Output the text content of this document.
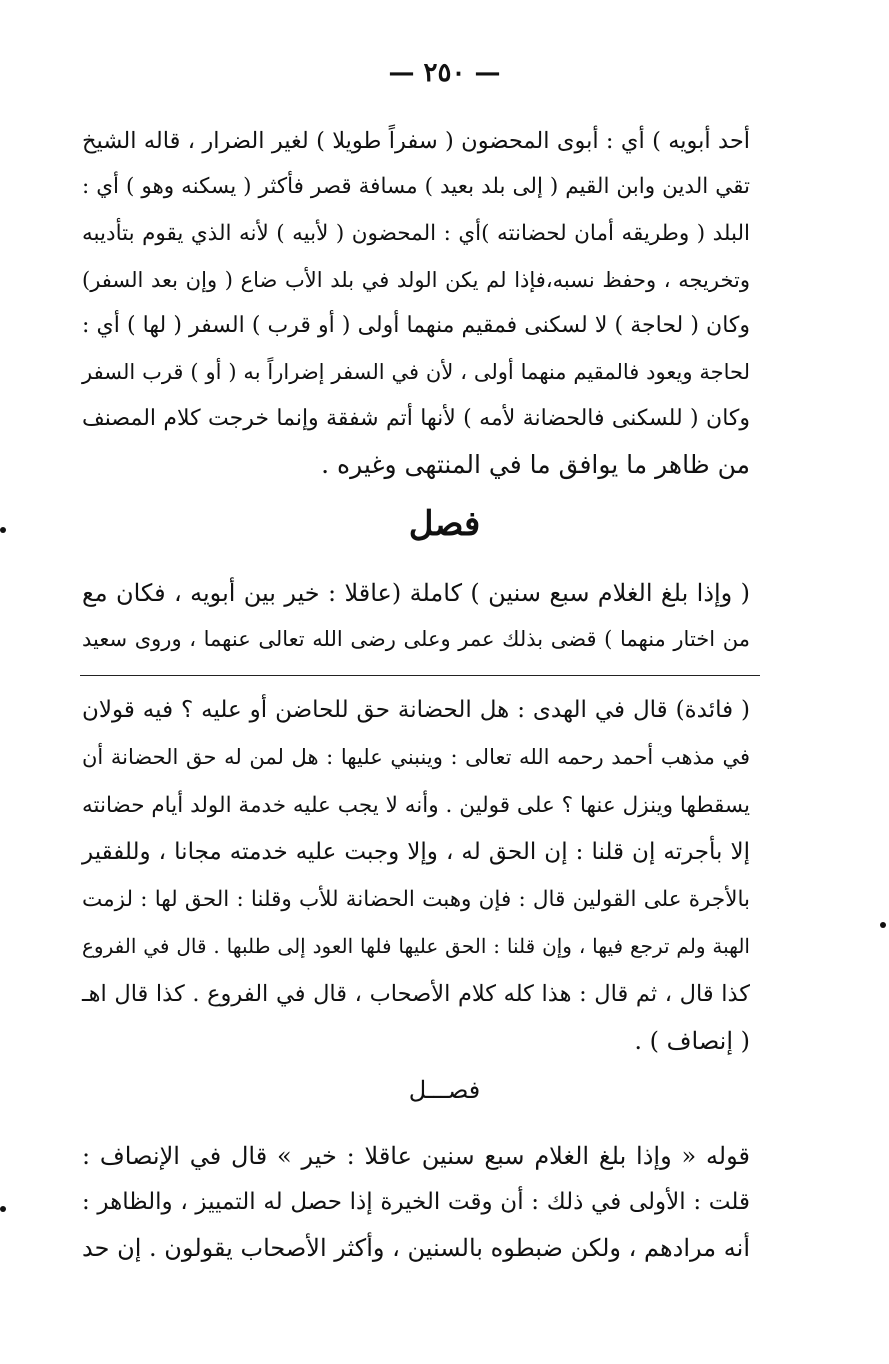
— ٢٥٠ —
أحد أبويه ) أي : أبوى المحضون ( سفراً طويلا ) لغير الضرار ، قاله الشيخ
تقي الدين وابن القيم ( إلى بلد بعيد ) مسافة قصر فأكثر ( يسكنه وهو ) أي :
البلد ( وطريقه أمان لحضانته )أي : المحضون ( لأبيه ) لأنه الذي يقوم بتأديبه
وتخريجه ، وحفظ نسبه،فإذا لم يكن الولد في بلد الأب ضاع ( وإن بعد السفر)
وكان ( لحاجة ) لا لسكنى فمقيم منهما أولى ( أو قرب ) السفر ( لها ) أي :
لحاجة ويعود فالمقيم منهما أولى ، لأن في السفر إضراراً به ( أو ) قرب السفر
وكان ( للسكنى فالحضانة لأمه ) لأنها أتم شفقة وإنما خرجت كلام المصنف
من ظاهر ما يوافق ما في المنتهى وغيره .
فصل
( وإذا بلغ الغلام سبع سنين ) كاملة (عاقلا : خير بين أبويه ، فكان مع
من اختار منهما ) قضى بذلك عمر وعلى رضى الله تعالى عنهما ، وروى سعيد
( فائدة) قال في الهدى : هل الحضانة حق للحاضن أو عليه ؟ فيه قولان
في مذهب أحمد رحمه الله تعالى : وينبني عليها : هل لمن له حق الحضانة أن
يسقطها وينزل عنها ؟ على قولين . وأنه لا يجب عليه خدمة الولد أيام حضانته
إلا بأجرته إن قلنا : إن الحق له ، وإلا وجبت عليه خدمته مجانا ، وللفقير
بالأجرة على القولين قال : فإن وهبت الحضانة للأب وقلنا : الحق لها : لزمت
الهبة ولم ترجع فيها ، وإن قلنا : الحق عليها فلها العود إلى طلبها . قال في الفروع
كذا قال ، ثم قال : هذا كله كلام الأصحاب ، قال في الفروع . كذا قال اهـ
( إنصاف ) .
فصـــل
قوله « وإذا بلغ الغلام سبع سنين عاقلا : خير » قال في الإنصاف :
قلت : الأولى في ذلك : أن وقت الخيرة إذا حصل له التمييز ، والظاهر :
أنه مرادهم ، ولكن ضبطوه بالسنين ، وأكثر الأصحاب يقولون . إن حد
